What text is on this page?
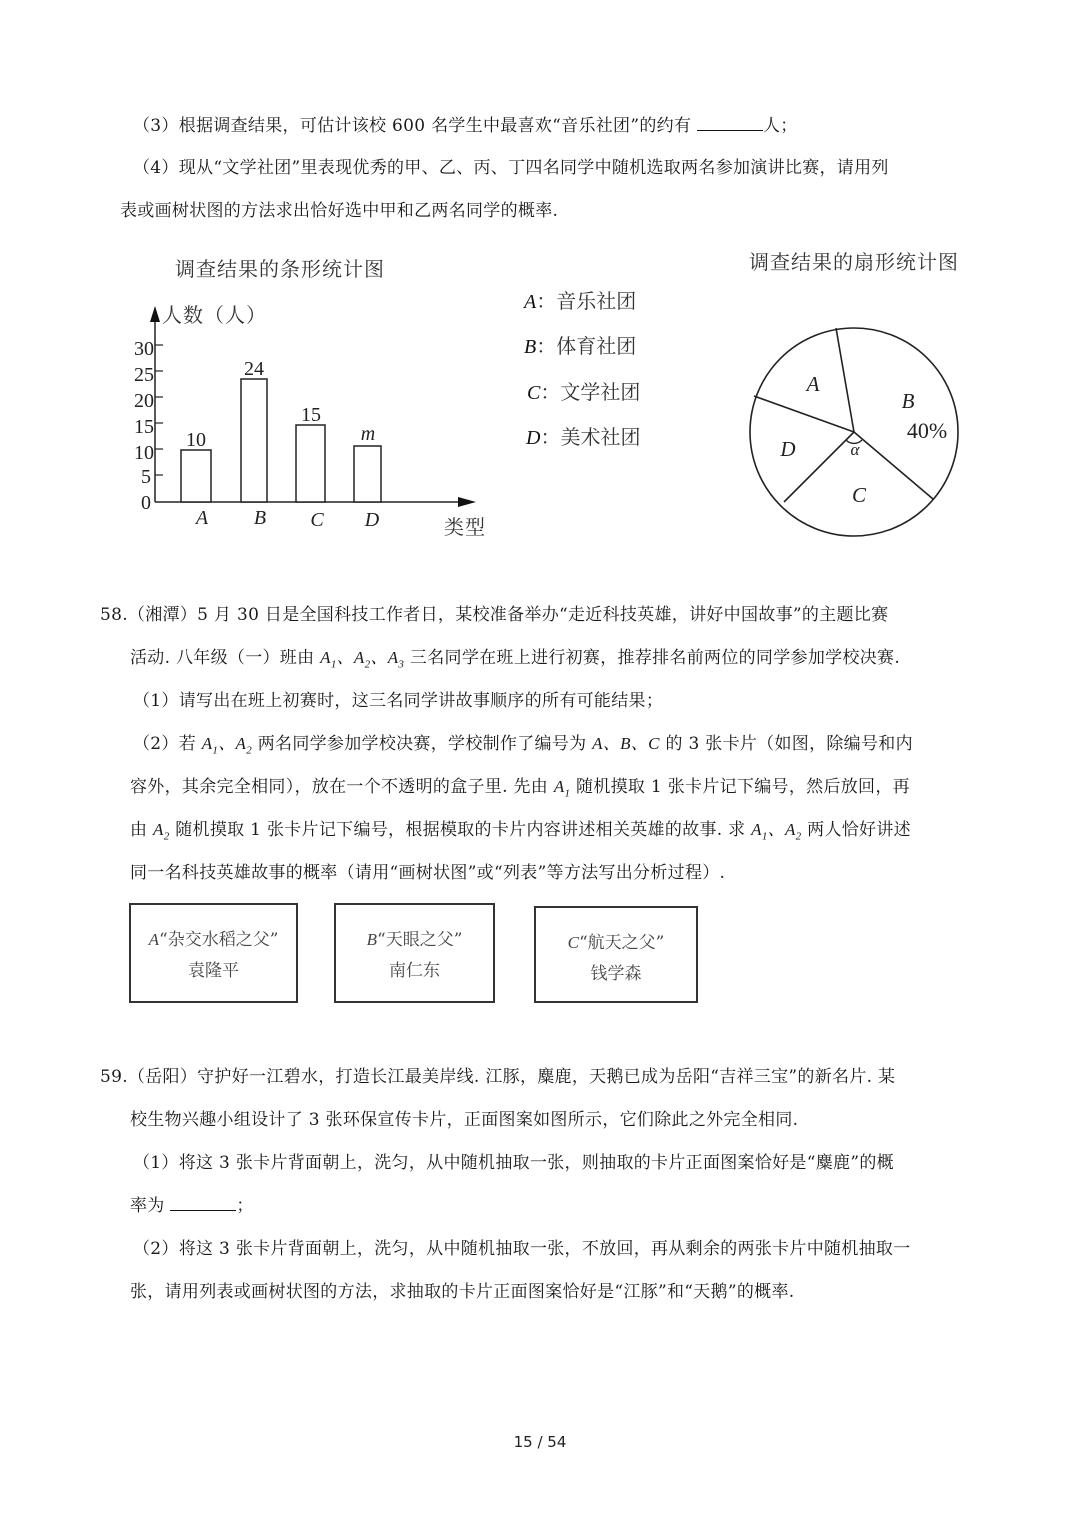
（3）根据调查结果，可估计该校 600 名学生中最喜欢“音乐社团”的约有	人；
（4）现从“文学社团”里表现优秀的甲、乙、丙、丁四名同学中随机选取两名参加演讲比赛，请用列
表或画树状图的方法求出恰好选中甲和乙两名同学的概率.
调查结果的条形统计图
0
5
10
15
20
25
30
10
24
15
m
A B C D
人数（人）
类型
A：音乐社团
B：体育社团
C：文学社团
D：美术社团
调查结果的扇形统计图
A
B
C
D	α
40%
58.（湘潭）5 月 30 日是全国科技工作者日，某校准备举办“走近科技英雄，讲好中国故事”的主题比赛
活动. 八年级（一）班由 $A_1$、$A_2$、$A_3$ 三名同学在班上进行初赛，推荐排名前两位的同学参加学校决赛.
（1）请写出在班上初赛时，这三名同学讲故事顺序的所有可能结果；
（2）若 $A_1$、$A_2$ 两名同学参加学校决赛，学校制作了编号为 A、B、C 的 3 张卡片（如图，除编号和内
容外，其余完全相同），放在一个不透明的盒子里. 先由 $A_1$ 随机摸取 1 张卡片记下编号，然后放回，再
由 $A_2$ 随机摸取 1 张卡片记下编号，根据模取的卡片内容讲述相关英雄的故事. 求 $A_1$、$A_2$ 两人恰好讲述
同一名科技英雄故事的概率（请用“画树状图”或“列表”等方法写出分析过程）.
A“杂交水稻之父”
袁隆平
B“天眼之父”
南仁东
C“航天之父”
钱学森
59.（岳阳）守护好一江碧水，打造长江最美岸线. 江豚，麋鹿，天鹅已成为岳阳“吉祥三宝”的新名片. 某
校生物兴趣小组设计了 3 张环保宣传卡片，正面图案如图所示，它们除此之外完全相同.
（1）将这 3 张卡片背面朝上，洗匀，从中随机抽取一张，则抽取的卡片正面图案恰好是“麋鹿”的概
率为	；
（2）将这 3 张卡片背面朝上，洗匀，从中随机抽取一张，不放回，再从剩余的两张卡片中随机抽取一
张，请用列表或画树状图的方法，求抽取的卡片正面图案恰好是“江豚”和“天鹅”的概率.
15 / 54
